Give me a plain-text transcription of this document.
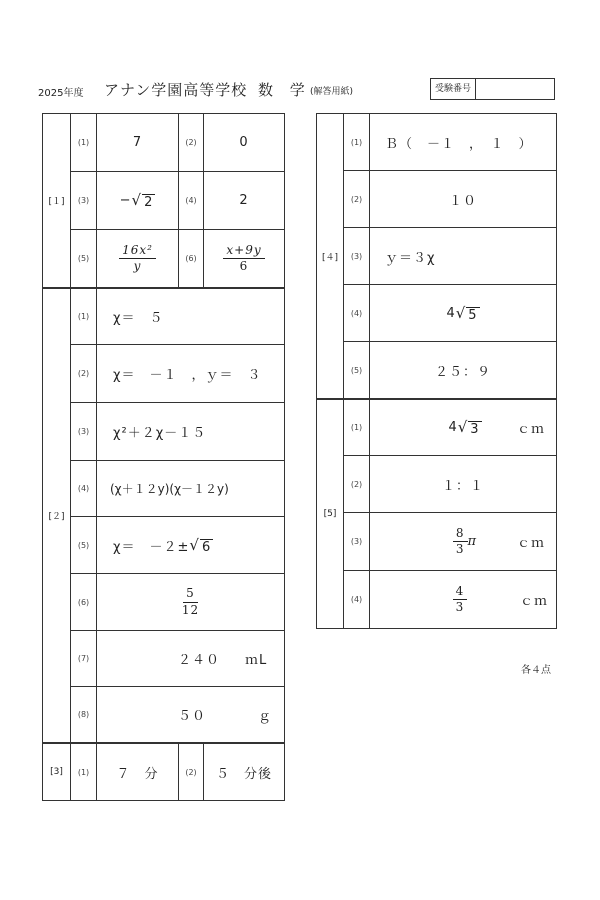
2025年度 アナン学園高等学校 数 学 (解答用紙)	受験番号
[１]
(1)	7	(2)	0
(3)	− √ 2	(4)	2
(5)	$\frac{\text{16x²}}{y}$	(6)	$\frac{x+9y}{6}$
[２]
(1)	χ＝　５
(2)	χ＝　－１　，ｙ＝　３
(3)	χ²＋２χ－１５
(4)	(χ＋１２y)(χ－１２y)
(5)	χ＝　－２± √ 6
(6)	$\frac{5}{12}$
(7)	２４０	ｍL
(8)	５０	ｇ
[3]	(1)	７　分	(2)	５　分後
[４]
(1)	Ｂ（　－１　，　１　）
(2)	１０
(3)	ｙ＝３χ
(4)	4 √ 5
(5)	２５：９
[5]
(1)	4 √ 3	ｃｍ
(2)	１：１
(3)	$\frac{8}{3}$ π	ｃｍ
(4)	$\frac{4}{3}$	ｃｍ
各４点
